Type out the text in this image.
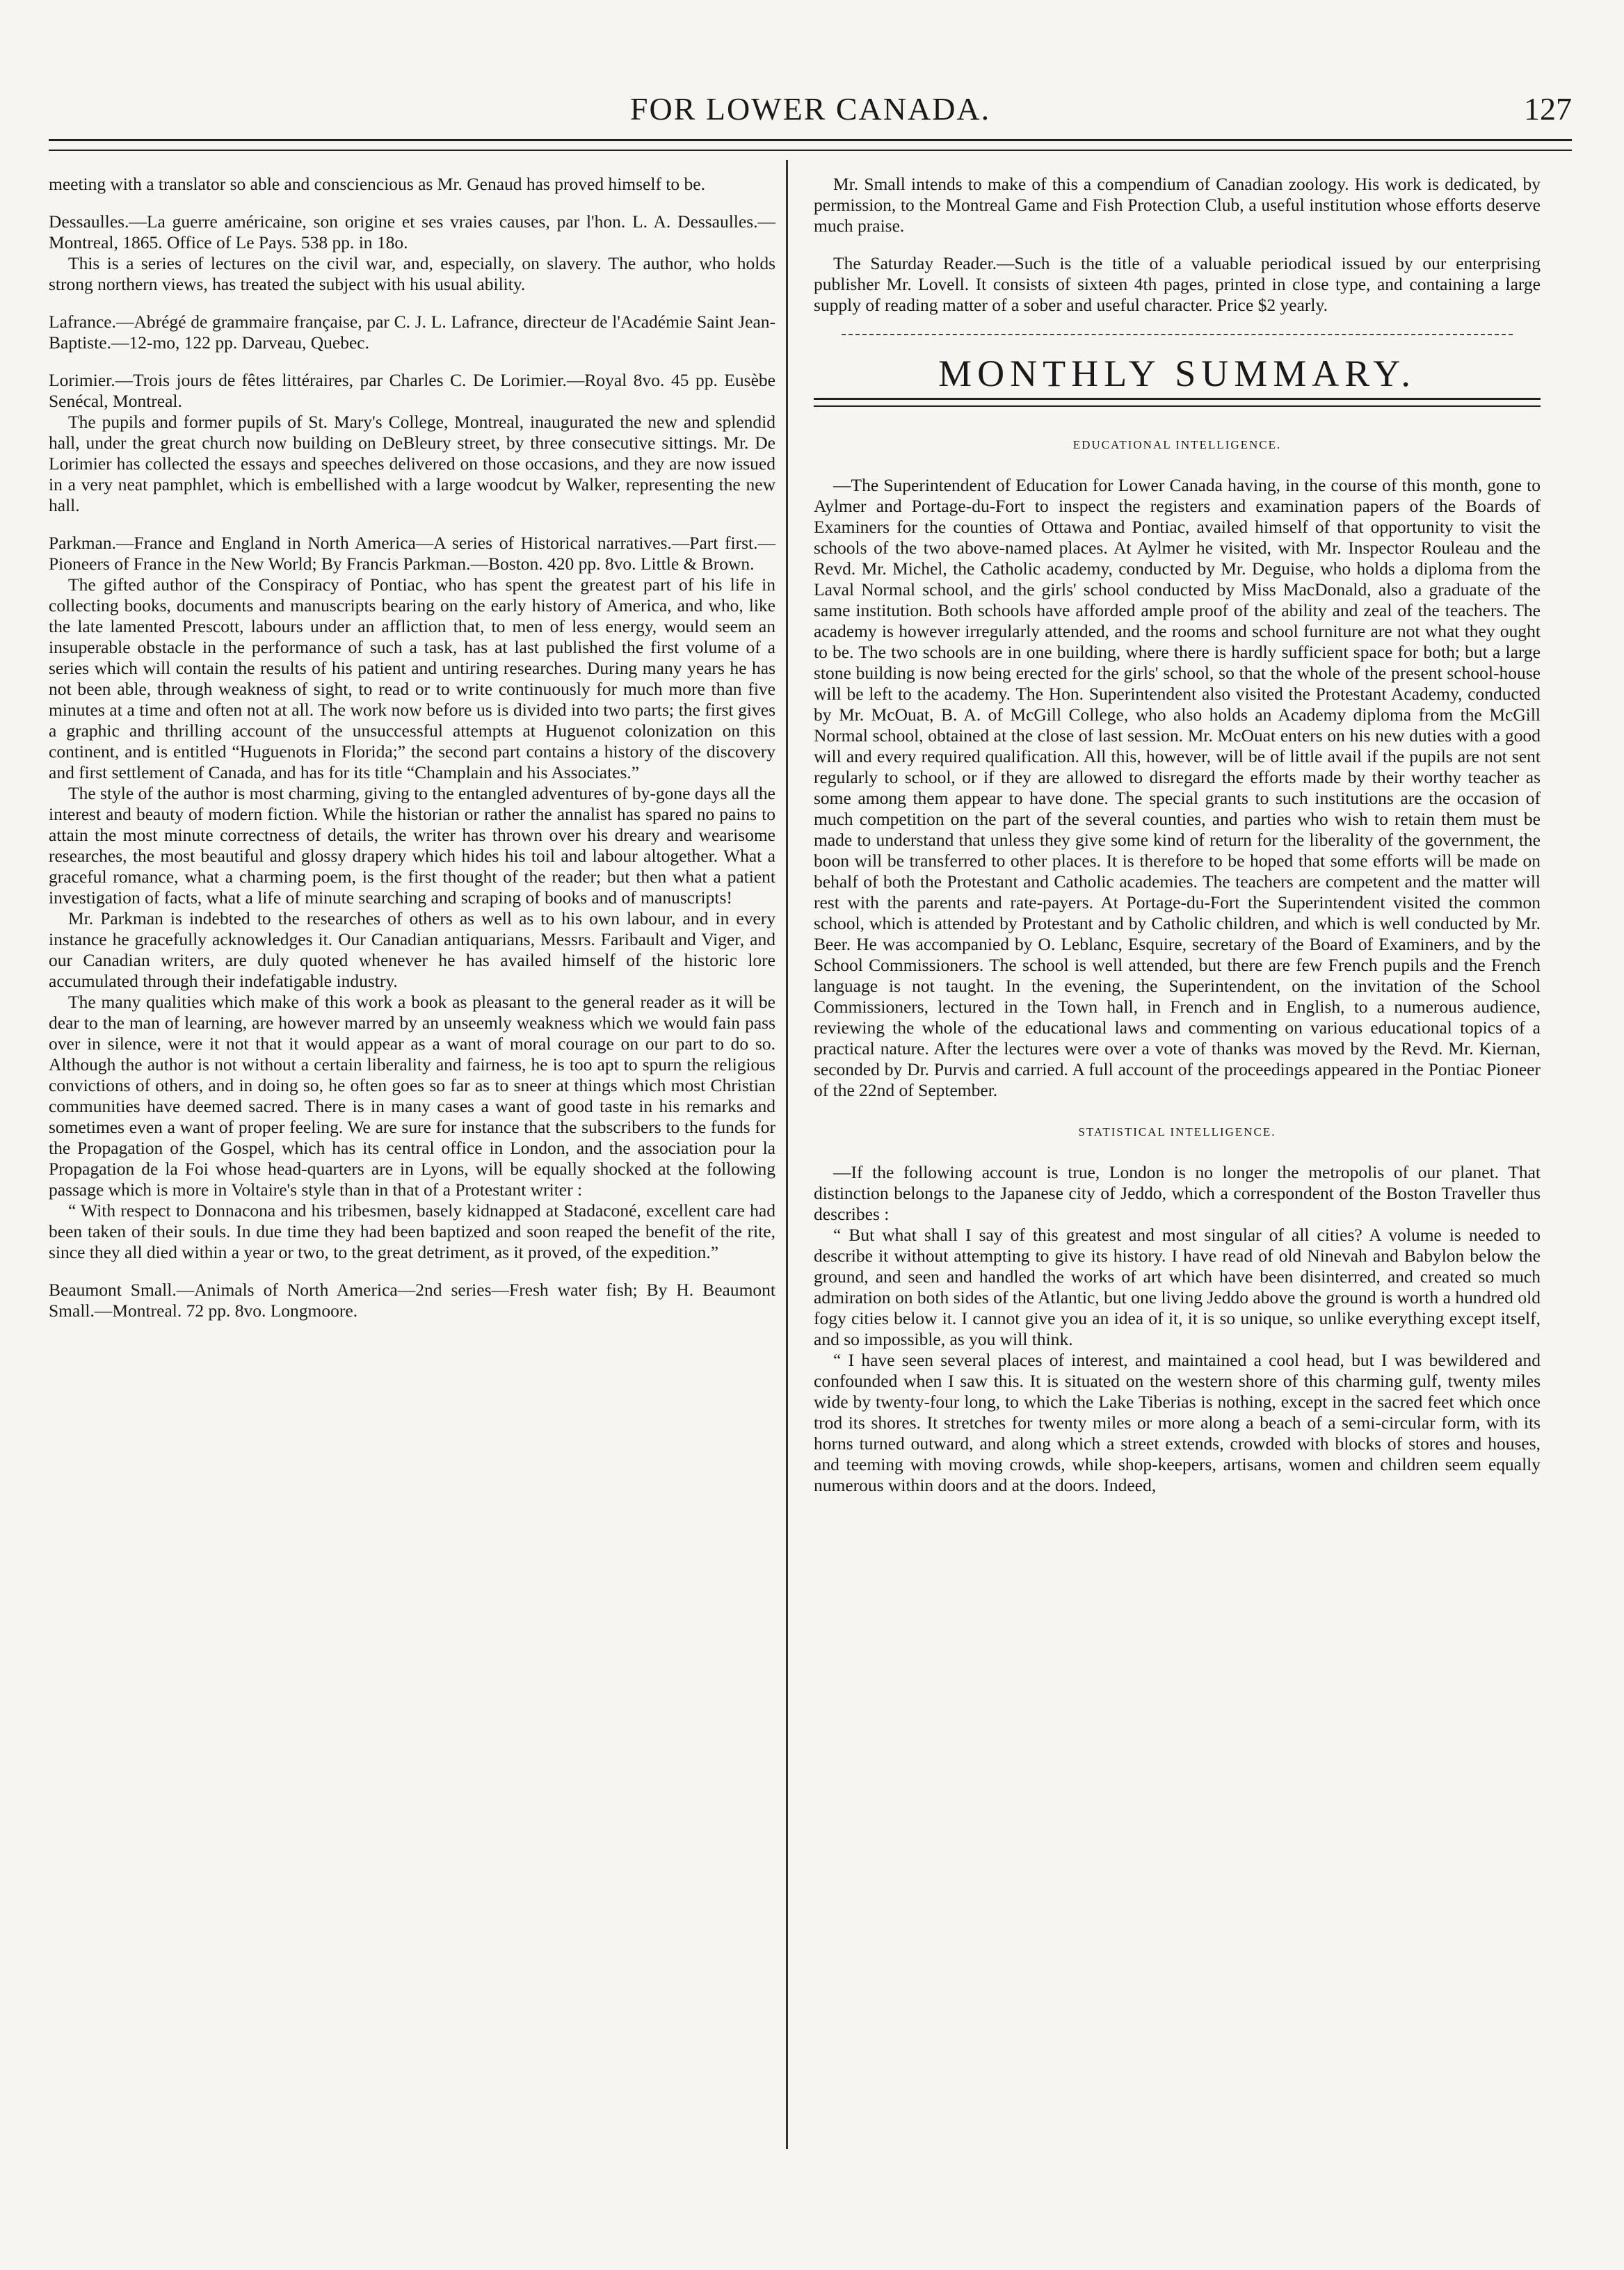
FOR LOWER CANADA.	127

meeting with a translator so able and consciencious as Mr. Genaud has proved himself to be.

Dessaulles.—La guerre américaine, son origine et ses vraies causes, par l'hon. L. A. Dessaulles.—Montreal, 1865. Office of Le Pays. 538 pp. in 18o.

This is a series of lectures on the civil war, and, especially, on slavery. The author, who holds strong northern views, has treated the subject with his usual ability.

Lafrance.—Abrégé de grammaire française, par C. J. L. Lafrance, directeur de l'Académie Saint Jean-Baptiste.—12-mo, 122 pp. Darveau, Quebec.

Lorimier.—Trois jours de fêtes littéraires, par Charles C. De Lorimier.—Royal 8vo. 45 pp. Eusèbe Senécal, Montreal.

The pupils and former pupils of St. Mary's College, Montreal, inaugurated the new and splendid hall, under the great church now building on DeBleury street, by three consecutive sittings. Mr. De Lorimier has collected the essays and speeches delivered on those occasions, and they are now issued in a very neat pamphlet, which is embellished with a large woodcut by Walker, representing the new hall.

Parkman.—France and England in North America—A series of Historical narratives.—Part first.—Pioneers of France in the New World; By Francis Parkman.—Boston. 420 pp. 8vo. Little & Brown.

The gifted author of the Conspiracy of Pontiac, who has spent the greatest part of his life in collecting books, documents and manuscripts bearing on the early history of America, and who, like the late lamented Prescott, labours under an affliction that, to men of less energy, would seem an insuperable obstacle in the performance of such a task, has at last published the first volume of a series which will contain the results of his patient and untiring researches. During many years he has not been able, through weakness of sight, to read or to write continuously for much more than five minutes at a time and often not at all. The work now before us is divided into two parts; the first gives a graphic and thrilling account of the unsuccessful attempts at Huguenot colonization on this continent, and is entitled “Huguenots in Florida;” the second part contains a history of the discovery and first settlement of Canada, and has for its title “Champlain and his Associates.”

The style of the author is most charming, giving to the entangled adventures of by-gone days all the interest and beauty of modern fiction. While the historian or rather the annalist has spared no pains to attain the most minute correctness of details, the writer has thrown over his dreary and wearisome researches, the most beautiful and glossy drapery which hides his toil and labour altogether. What a graceful romance, what a charming poem, is the first thought of the reader; but then what a patient investigation of facts, what a life of minute searching and scraping of books and of manuscripts!

Mr. Parkman is indebted to the researches of others as well as to his own labour, and in every instance he gracefully acknowledges it. Our Canadian antiquarians, Messrs. Faribault and Viger, and our Canadian writers, are duly quoted whenever he has availed himself of the historic lore accumulated through their indefatigable industry.

The many qualities which make of this work a book as pleasant to the general reader as it will be dear to the man of learning, are however marred by an unseemly weakness which we would fain pass over in silence, were it not that it would appear as a want of moral courage on our part to do so. Although the author is not without a certain liberality and fairness, he is too apt to spurn the religious convictions of others, and in doing so, he often goes so far as to sneer at things which most Christian communities have deemed sacred. There is in many cases a want of good taste in his remarks and sometimes even a want of proper feeling. We are sure for instance that the subscribers to the funds for the Propagation of the Gospel, which has its central office in London, and the association pour la Propagation de la Foi whose head-quarters are in Lyons, will be equally shocked at the following passage which is more in Voltaire's style than in that of a Protestant writer :

“ With respect to Donnacona and his tribesmen, basely kidnapped at Stadaconé, excellent care had been taken of their souls. In due time they had been baptized and soon reaped the benefit of the rite, since they all died within a year or two, to the great detriment, as it proved, of the expedition.”

Beaumont Small.—Animals of North America—2nd series—Fresh water fish; By H. Beaumont Small.—Montreal. 72 pp. 8vo. Longmoore.

Mr. Small intends to make of this a compendium of Canadian zoology. His work is dedicated, by permission, to the Montreal Game and Fish Protection Club, a useful institution whose efforts deserve much praise.

The Saturday Reader.—Such is the title of a valuable periodical issued by our enterprising publisher Mr. Lovell. It consists of sixteen 4th pages, printed in close type, and containing a large supply of reading matter of a sober and useful character. Price $2 yearly.

MONTHLY SUMMARY.
EDUCATIONAL INTELLIGENCE.

—The Superintendent of Education for Lower Canada having, in the course of this month, gone to Aylmer and Portage-du-Fort to inspect the registers and examination papers of the Boards of Examiners for the counties of Ottawa and Pontiac, availed himself of that opportunity to visit the schools of the two above-named places. At Aylmer he visited, with Mr. Inspector Rouleau and the Revd. Mr. Michel, the Catholic academy, conducted by Mr. Deguise, who holds a diploma from the Laval Normal school, and the girls' school conducted by Miss MacDonald, also a graduate of the same institution. Both schools have afforded ample proof of the ability and zeal of the teachers. The academy is however irregularly attended, and the rooms and school furniture are not what they ought to be. The two schools are in one building, where there is hardly sufficient space for both; but a large stone building is now being erected for the girls' school, so that the whole of the present school-house will be left to the academy. The Hon. Superintendent also visited the Protestant Academy, conducted by Mr. McOuat, B. A. of McGill College, who also holds an Academy diploma from the McGill Normal school, obtained at the close of last session. Mr. McOuat enters on his new duties with a good will and every required qualification. All this, however, will be of little avail if the pupils are not sent regularly to school, or if they are allowed to disregard the efforts made by their worthy teacher as some among them appear to have done. The special grants to such institutions are the occasion of much competition on the part of the several counties, and parties who wish to retain them must be made to understand that unless they give some kind of return for the liberality of the government, the boon will be transferred to other places. It is therefore to be hoped that some efforts will be made on behalf of both the Protestant and Catholic academies. The teachers are competent and the matter will rest with the parents and rate-payers. At Portage-du-Fort the Superintendent visited the common school, which is attended by Protestant and by Catholic children, and which is well conducted by Mr. Beer. He was accompanied by O. Leblanc, Esquire, secretary of the Board of Examiners, and by the School Commissioners. The school is well attended, but there are few French pupils and the French language is not taught. In the evening, the Superintendent, on the invitation of the School Commissioners, lectured in the Town hall, in French and in English, to a numerous audience, reviewing the whole of the educational laws and commenting on various educational topics of a practical nature. After the lectures were over a vote of thanks was moved by the Revd. Mr. Kiernan, seconded by Dr. Purvis and carried. A full account of the proceedings appeared in the Pontiac Pioneer of the 22nd of September.

STATISTICAL INTELLIGENCE.

—If the following account is true, London is no longer the metropolis of our planet. That distinction belongs to the Japanese city of Jeddo, which a correspondent of the Boston Traveller thus describes :

“ But what shall I say of this greatest and most singular of all cities? A volume is needed to describe it without attempting to give its history. I have read of old Ninevah and Babylon below the ground, and seen and handled the works of art which have been disinterred, and created so much admiration on both sides of the Atlantic, but one living Jeddo above the ground is worth a hundred old fogy cities below it. I cannot give you an idea of it, it is so unique, so unlike everything except itself, and so impossible, as you will think.

“ I have seen several places of interest, and maintained a cool head, but I was bewildered and confounded when I saw this. It is situated on the western shore of this charming gulf, twenty miles wide by twenty-four long, to which the Lake Tiberias is nothing, except in the sacred feet which once trod its shores. It stretches for twenty miles or more along a beach of a semi-circular form, with its horns turned outward, and along which a street extends, crowded with blocks of stores and houses, and teeming with moving crowds, while shop-keepers, artisans, women and children seem equally numerous within doors and at the doors. Indeed,
